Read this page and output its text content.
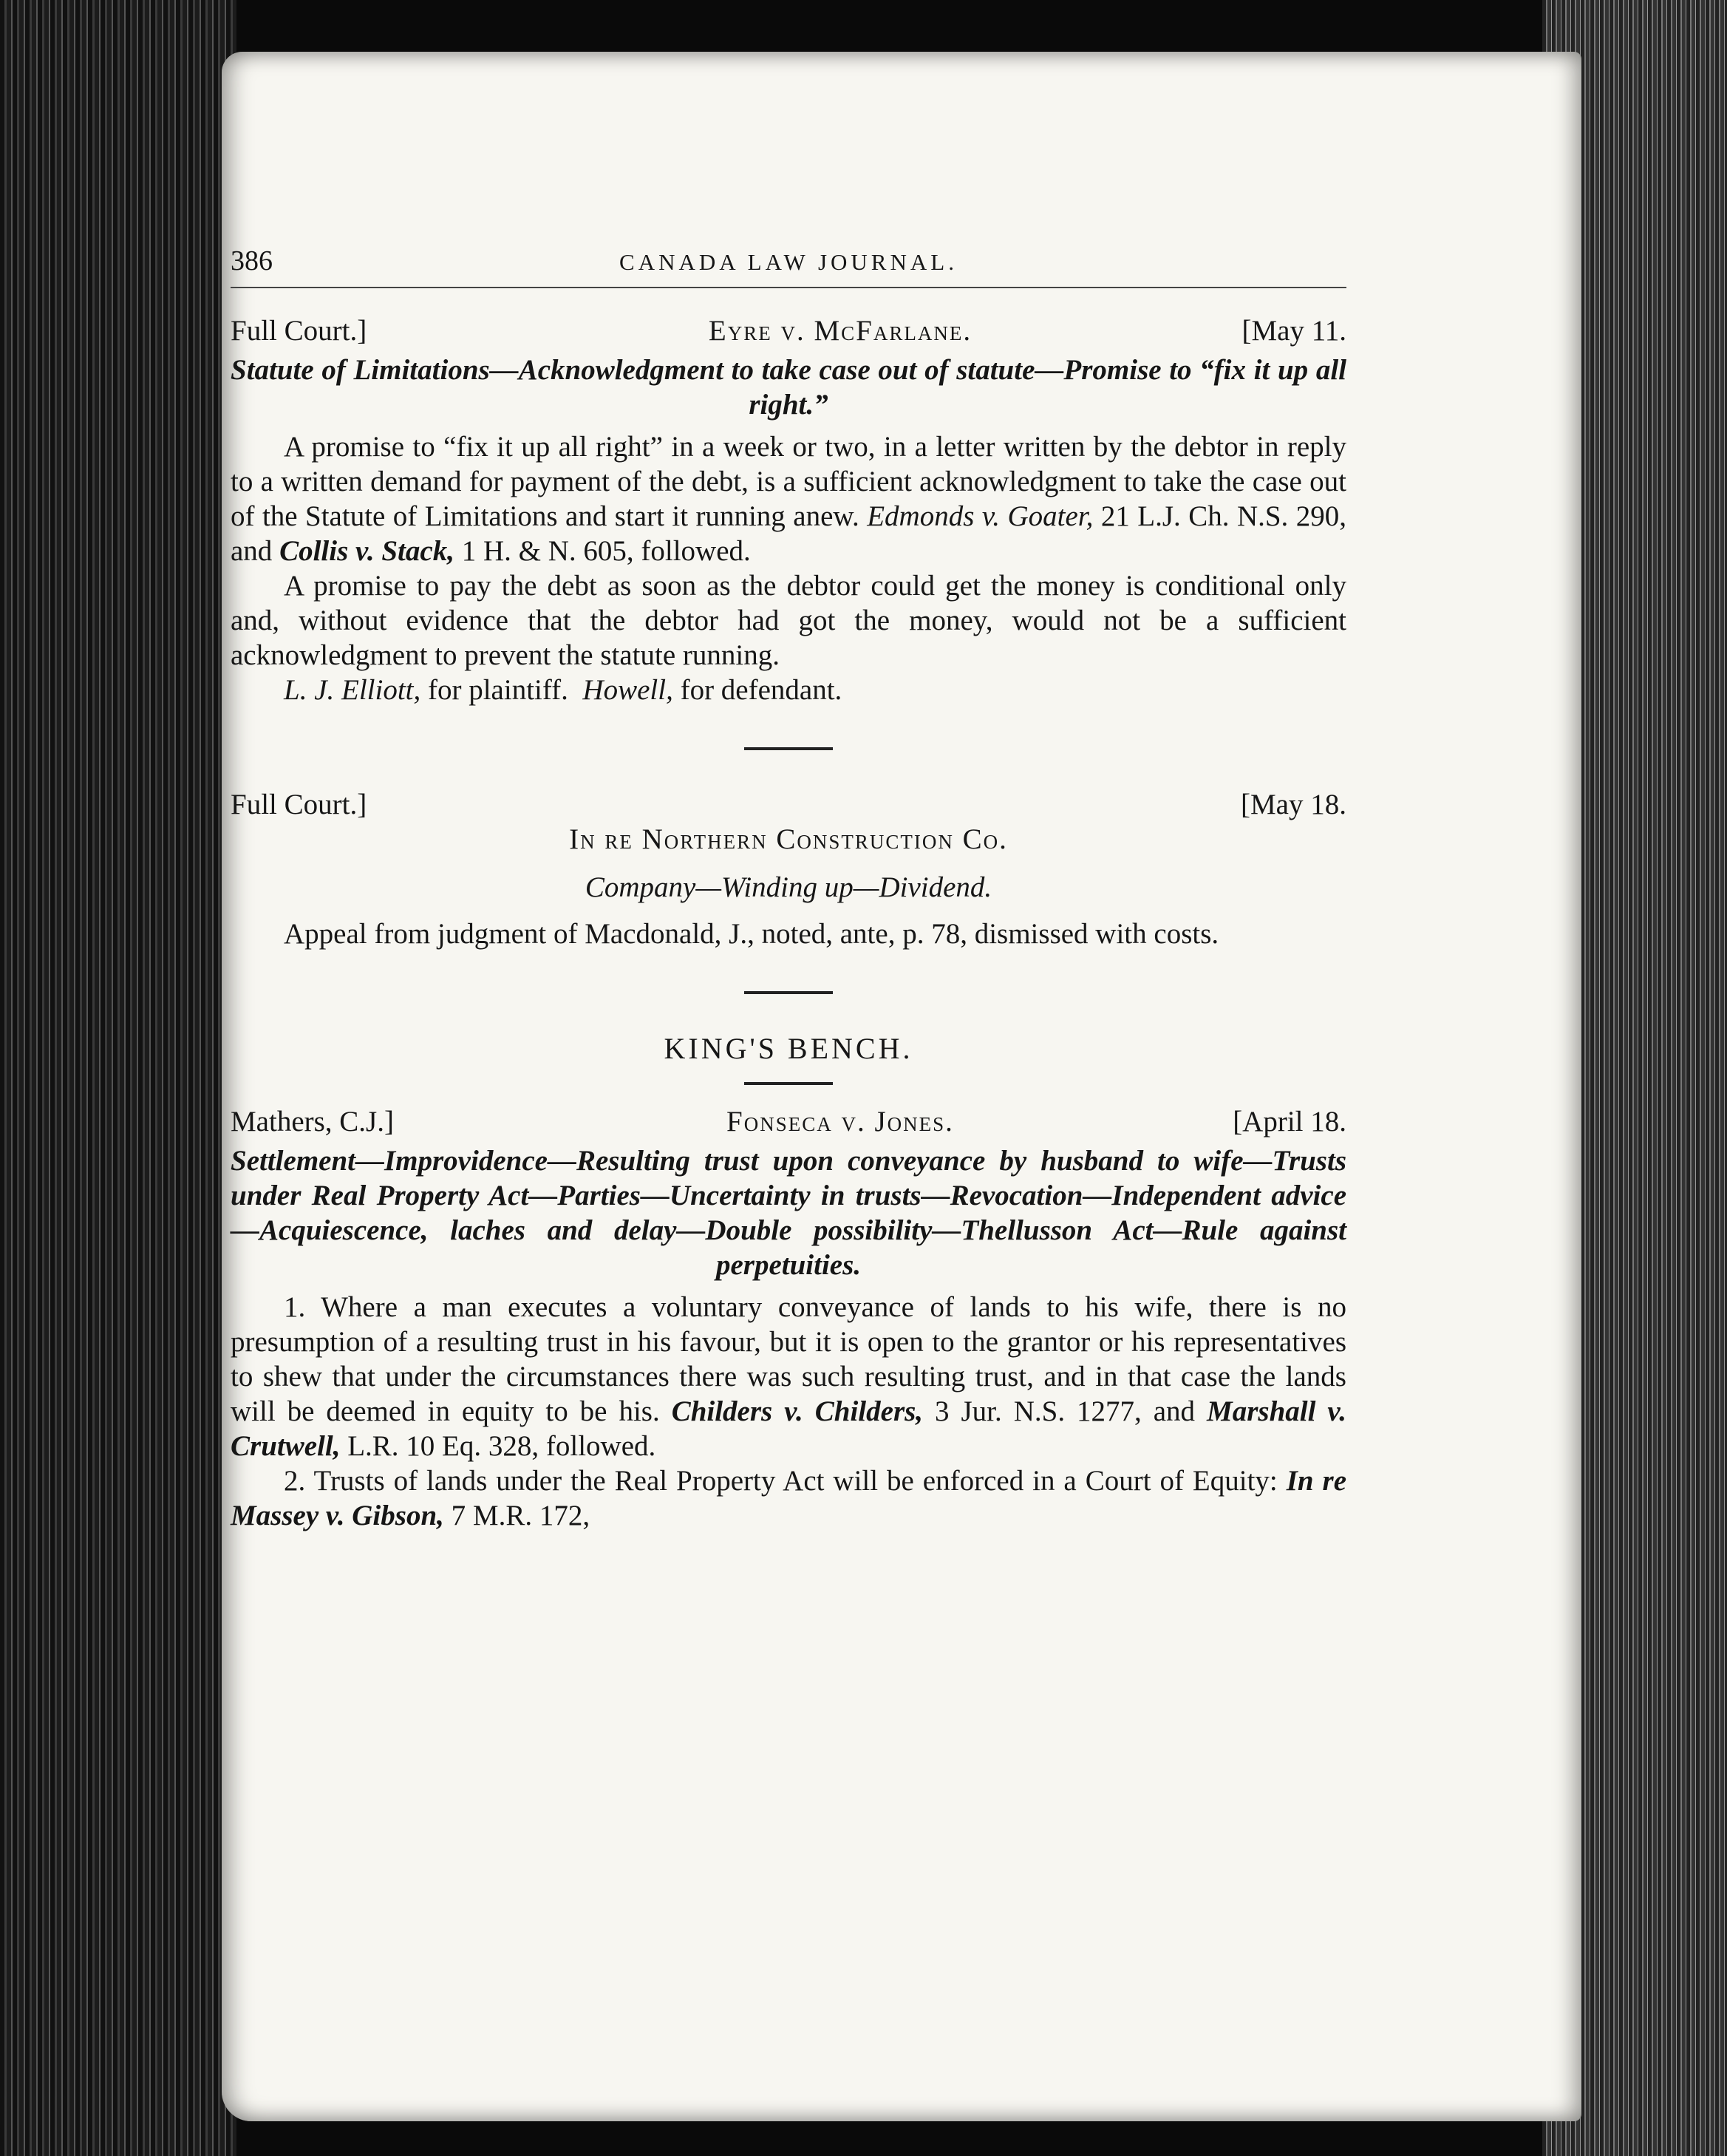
386	CANADA LAW JOURNAL.
Full Court.]	Eyre v. McFarlane.	[May 11.
Statute of Limitations—Acknowledgment to take case out of statute—Promise to “fix it up all right.”

A promise to “fix it up all right” in a week or two, in a letter written by the debtor in reply to a written demand for payment of the debt, is a sufficient acknowledgment to take the case out of the Statute of Limitations and start it running anew. Edmonds v. Goater, 21 L.J. Ch. N.S. 290, and Collis v. Stack, 1 H. & N. 605, followed.

A promise to pay the debt as soon as the debtor could get the money is conditional only and, without evidence that the debtor had got the money, would not be a sufficient acknowledgment to prevent the statute running.

L. J. Elliott, for plaintiff. Howell, for defendant.

Full Court.]	[May 18.
In re Northern Construction Co.
Company—Winding up—Dividend.

Appeal from judgment of Macdonald, J., noted, ante, p. 78, dismissed with costs.

KING'S BENCH.
Mathers, C.J.]	Fonseca v. Jones.	[April 18.
Settlement—Improvidence—Resulting trust upon conveyance by husband to wife—Trusts under Real Property Act—Parties—Uncertainty in trusts—Revocation—Independent advice—Acquiescence, laches and delay—Double possibility—Thellusson Act—Rule against perpetuities.

1. Where a man executes a voluntary conveyance of lands to his wife, there is no presumption of a resulting trust in his favour, but it is open to the grantor or his representatives to shew that under the circumstances there was such resulting trust, and in that case the lands will be deemed in equity to be his. Childers v. Childers, 3 Jur. N.S. 1277, and Marshall v. Crutwell, L.R. 10 Eq. 328, followed.

2. Trusts of lands under the Real Property Act will be enforced in a Court of Equity: In re Massey v. Gibson, 7 M.R. 172,
